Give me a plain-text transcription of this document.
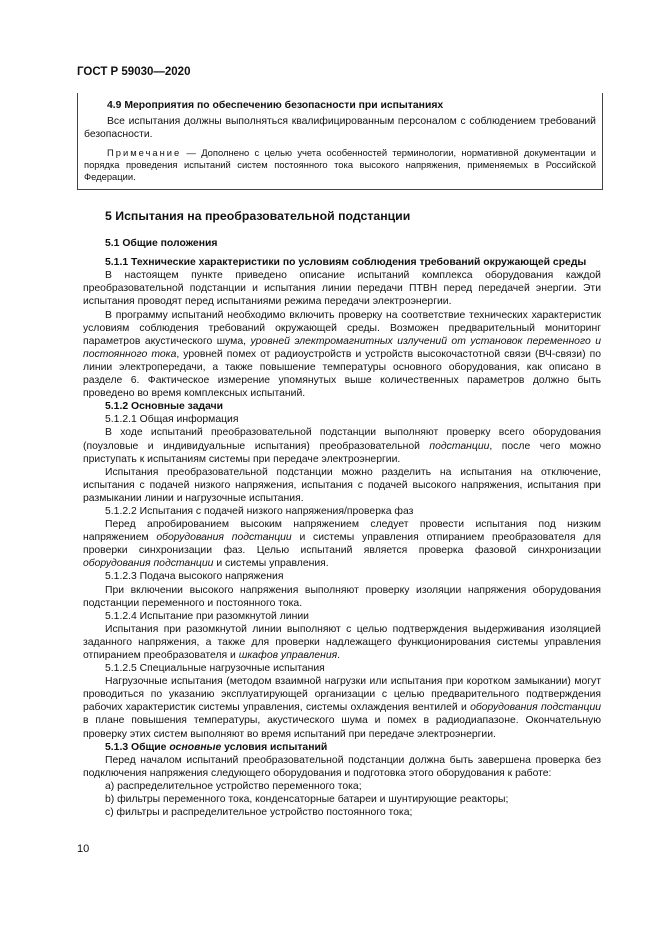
ГОСТ Р 59030—2020
4.9 Мероприятия по обеспечению безопасности при испытаниях
Все испытания должны выполняться квалифицированным персоналом с соблюдением требований безопасности.
Примечание — Дополнено с целью учета особенностей терминологии, нормативной документации и порядка проведения испытаний систем постоянного тока высокого напряжения, применяемых в Российской Федерации.
5 Испытания на преобразовательной подстанции
5.1 Общие положения

5.1.1 Технические характеристики по условиям соблюдения требований окружающей среды

В настоящем пункте приведено описание испытаний комплекса оборудования каждой преобразовательной подстанции и испытания линии передачи ПТВН перед передачей энергии. Эти испытания проводят перед испытаниями режима передачи электроэнергии.

В программу испытаний необходимо включить проверку на соответствие технических характеристик условиям соблюдения требований окружающей среды. Возможен предварительный мониторинг параметров акустического шума, уровней электромагнитных излучений от установок переменного и постоянного тока, уровней помех от радиоустройств и устройств высокочастотной связи (ВЧ-связи) по линии электропередачи, а также повышение температуры основного оборудования, как описано в разделе 6. Фактическое измерение упомянутых выше количественных параметров должно быть проведено во время комплексных испытаний.

5.1.2 Основные задачи

5.1.2.1 Общая информация

В ходе испытаний преобразовательной подстанции выполняют проверку всего оборудования (поузловые и индивидуальные испытания) преобразовательной подстанции, после чего можно приступать к испытаниям системы при передаче электроэнергии.

Испытания преобразовательной подстанции можно разделить на испытания на отключение, испытания с подачей низкого напряжения, испытания с подачей высокого напряжения, испытания при размыкании линии и нагрузочные испытания.

5.1.2.2 Испытания с подачей низкого напряжения/проверка фаз

Перед апробированием высоким напряжением следует провести испытания под низким напряжением оборудования подстанции и системы управления отпиранием преобразователя для проверки синхронизации фаз. Целью испытаний является проверка фазовой синхронизации оборудования подстанции и системы управления.

5.1.2.3 Подача высокого напряжения

При включении высокого напряжения выполняют проверку изоляции напряжения оборудования подстанции переменного и постоянного тока.

5.1.2.4 Испытание при разомкнутой линии

Испытания при разомкнутой линии выполняют с целью подтверждения выдерживания изоляцией заданного напряжения, а также для проверки надлежащего функционирования системы управления отпиранием преобразователя и шкафов управления.

5.1.2.5 Специальные нагрузочные испытания

Нагрузочные испытания (методом взаимной нагрузки или испытания при коротком замыкании) могут проводиться по указанию эксплуатирующей организации с целью предварительного подтверждения рабочих характеристик системы управления, системы охлаждения вентилей и оборудования подстанции в плане повышения температуры, акустического шума и помех в радиодиапазоне. Окончательную проверку этих систем выполняют во время испытаний при передаче электроэнергии.

5.1.3 Общие основные условия испытаний

Перед началом испытаний преобразовательной подстанции должна быть завершена проверка без подключения напряжения следующего оборудования и подготовка этого оборудования к работе:

a) распределительное устройство переменного тока;

b) фильтры переменного тока, конденсаторные батареи и шунтирующие реакторы;

c) фильтры и распределительное устройство постоянного тока;

10
